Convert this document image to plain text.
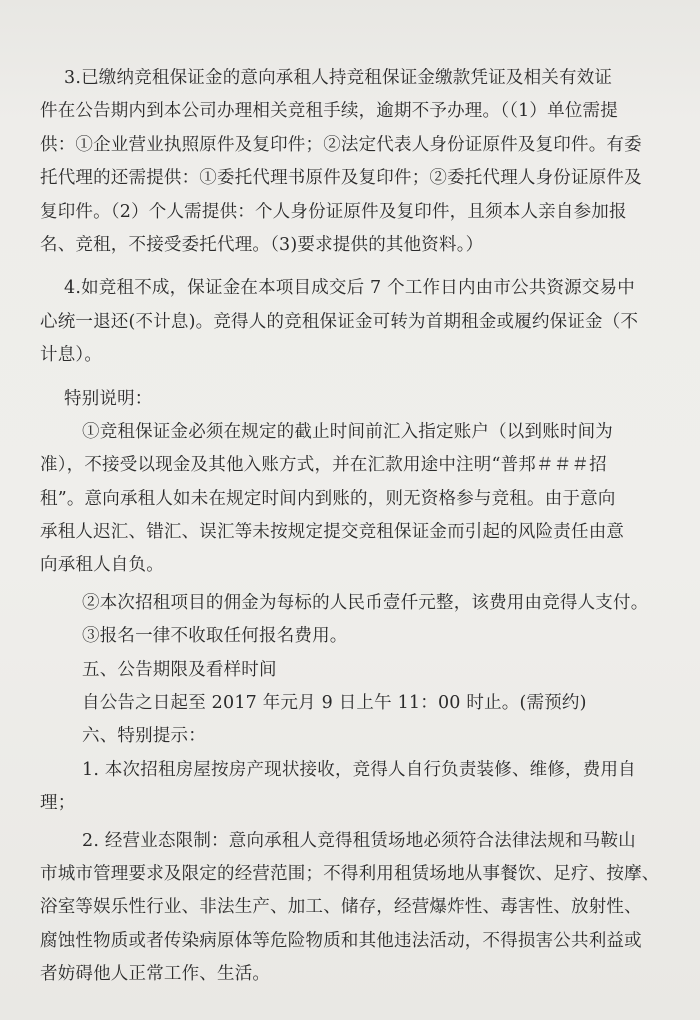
3.已缴纳竞租保证金的意向承租人持竞租保证金缴款凭证及相关有效证
件在公告期内到本公司办理相关竞租手续，逾期不予办理。（（1）单位需提
供：①企业营业执照原件及复印件；②法定代表人身份证原件及复印件。有委
托代理的还需提供：①委托代理书原件及复印件；②委托代理人身份证原件及
复印件。（2）个人需提供：个人身份证原件及复印件，且须本人亲自参加报
名、竞租，不接受委托代理。（3)要求提供的其他资料。）
4.如竞租不成，保证金在本项目成交后 7 个工作日内由市公共资源交易中
心统一退还(不计息)。竞得人的竞租保证金可转为首期租金或履约保证金（不
计息）。
特别说明：
①竞租保证金必须在规定的截止时间前汇入指定账户（以到账时间为
准），不接受以现金及其他入账方式，并在汇款用途中注明“普邦＃＃＃招
租”。意向承租人如未在规定时间内到账的，则无资格参与竞租。由于意向
承租人迟汇、错汇、误汇等未按规定提交竞租保证金而引起的风险责任由意
向承租人自负。
②本次招租项目的佣金为每标的人民币壹仟元整，该费用由竞得人支付。
③报名一律不收取任何报名费用。
五、公告期限及看样时间
自公告之日起至 2017 年元月 9 日上午 11：00 时止。(需预约)
六、特别提示：
1. 本次招租房屋按房产现状接收，竞得人自行负责装修、维修，费用自
理；
2. 经营业态限制：意向承租人竞得租赁场地必须符合法律法规和马鞍山
市城市管理要求及限定的经营范围；不得利用租赁场地从事餐饮、足疗、按摩、
浴室等娱乐性行业、非法生产、加工、储存，经营爆炸性、毒害性、放射性、
腐蚀性物质或者传染病原体等危险物质和其他违法活动，不得损害公共利益或
者妨碍他人正常工作、生活。
